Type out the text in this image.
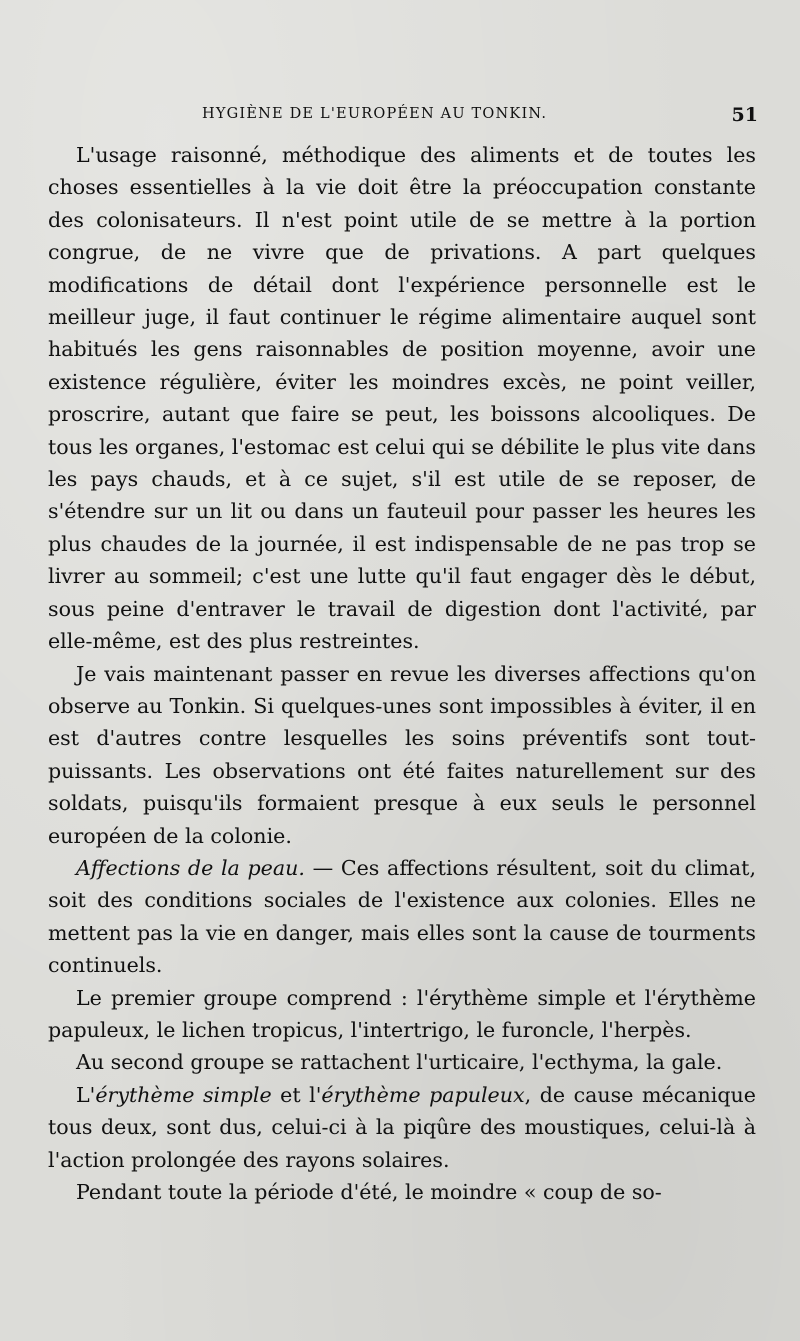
HYGIÈNE DE L'EUROPÉEN AU TONKIN.	51

L'usage raisonné, méthodique des aliments et de toutes les choses essentielles à la vie doit être la préoccupation constante des colonisateurs. Il n'est point utile de se mettre à la portion congrue, de ne vivre que de privations. A part quelques modifications de détail dont l'expérience personnelle est le meilleur juge, il faut continuer le régime alimentaire auquel sont habitués les gens raisonnables de position moyenne, avoir une existence régulière, éviter les moindres excès, ne point veiller, proscrire, autant que faire se peut, les boissons alcooliques. De tous les organes, l'estomac est celui qui se débilite le plus vite dans les pays chauds, et à ce sujet, s'il est utile de se reposer, de s'étendre sur un lit ou dans un fauteuil pour passer les heures les plus chaudes de la journée, il est indispensable de ne pas trop se livrer au sommeil; c'est une lutte qu'il faut engager dès le début, sous peine d'entraver le travail de digestion dont l'activité, par elle-même, est des plus restreintes.

Je vais maintenant passer en revue les diverses affections qu'on observe au Tonkin. Si quelques-unes sont impossibles à éviter, il en est d'autres contre lesquelles les soins préventifs sont tout-puissants. Les observations ont été faites naturellement sur des soldats, puisqu'ils formaient presque à eux seuls le personnel européen de la colonie.

Affections de la peau. — Ces affections résultent, soit du climat, soit des conditions sociales de l'existence aux colonies. Elles ne mettent pas la vie en danger, mais elles sont la cause de tourments continuels.

Le premier groupe comprend : l'érythème simple et l'érythème papuleux, le lichen tropicus, l'intertrigo, le furoncle, l'herpès.

Au second groupe se rattachent l'urticaire, l'ecthyma, la gale.

L'érythème simple et l'érythème papuleux, de cause mécanique tous deux, sont dus, celui-ci à la piqûre des moustiques, celui-là à l'action prolongée des rayons solaires.

Pendant toute la période d'été, le moindre « coup de so-
